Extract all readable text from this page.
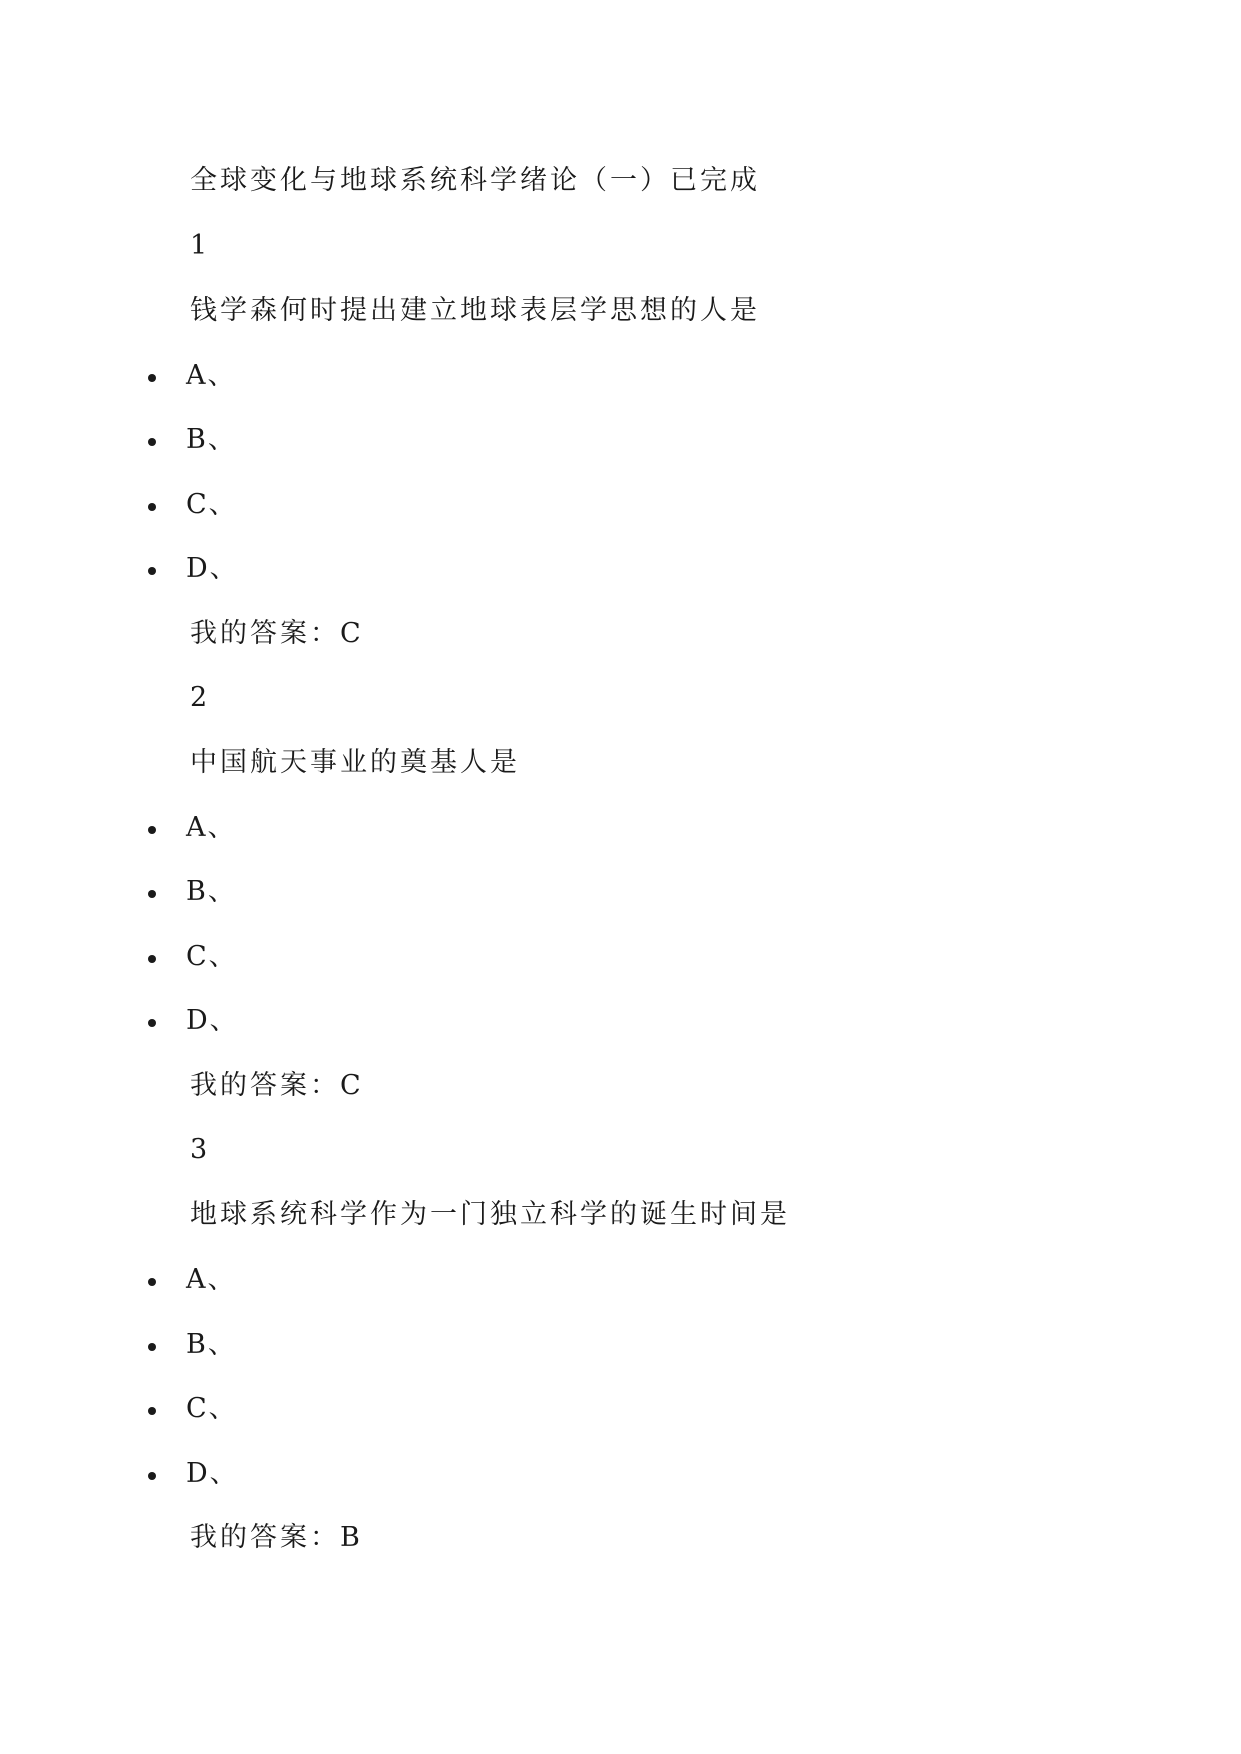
全球变化与地球系统科学绪论（一）已完成
1
钱学森何时提出建立地球表层学思想的人是
A、
B、
C、
D、
我的答案：C
2
中国航天事业的奠基人是
A、
B、
C、
D、
我的答案：C
3
地球系统科学作为一门独立科学的诞生时间是
A、
B、
C、
D、
我的答案：B
